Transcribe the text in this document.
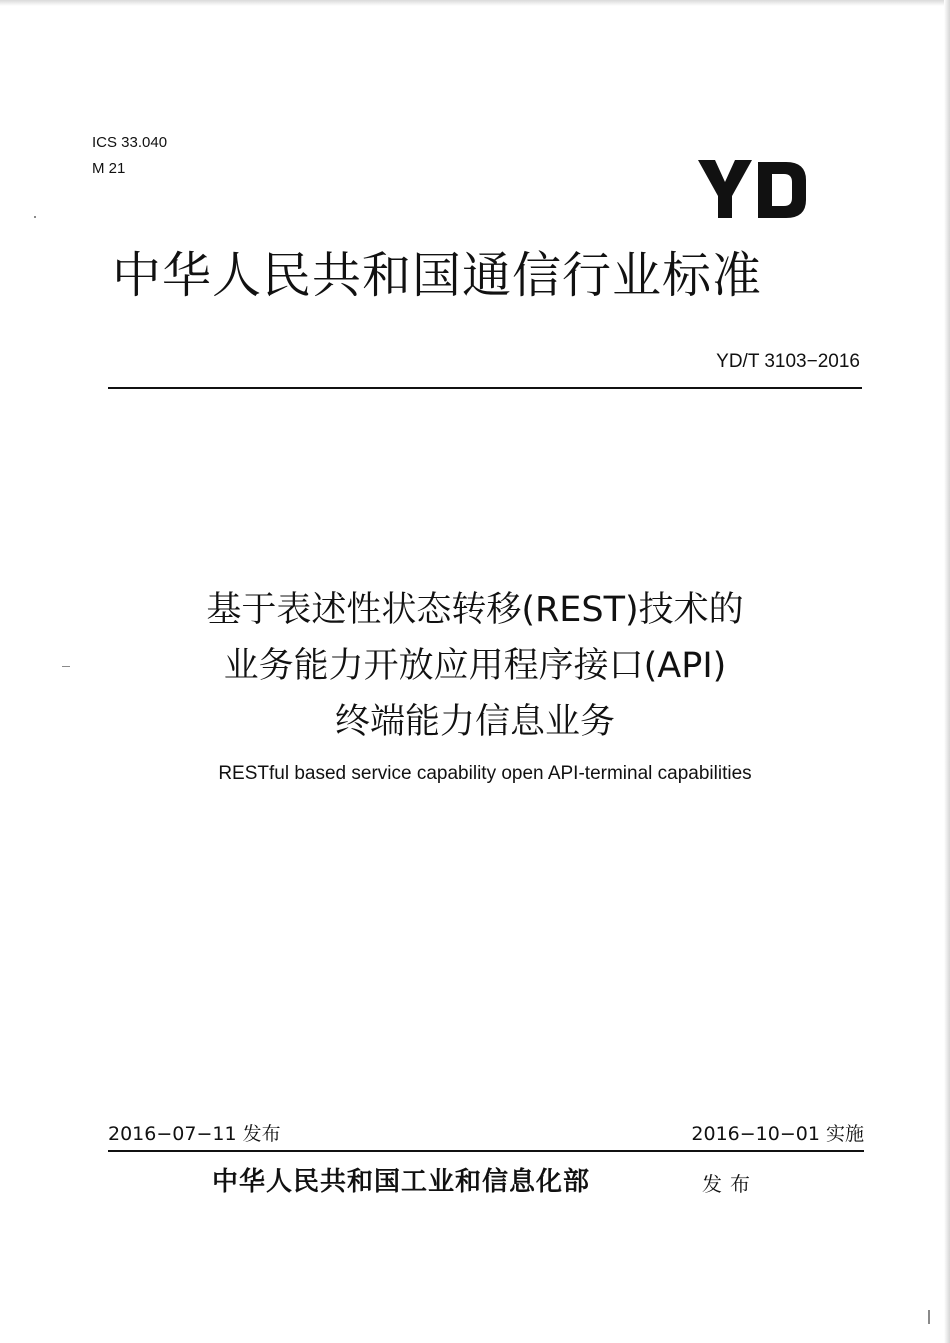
ICS 33.040
M 21
中华人民共和国通信行业标准
YD/T 3103−2016
基于表述性状态转移(REST)技术的
业务能力开放应用程序接口(API)
终端能力信息业务
RESTful based service capability open API-terminal capabilities
2016−07−11 发布	2016−10−01 实施
中华人民共和国工业和信息化部	发布
